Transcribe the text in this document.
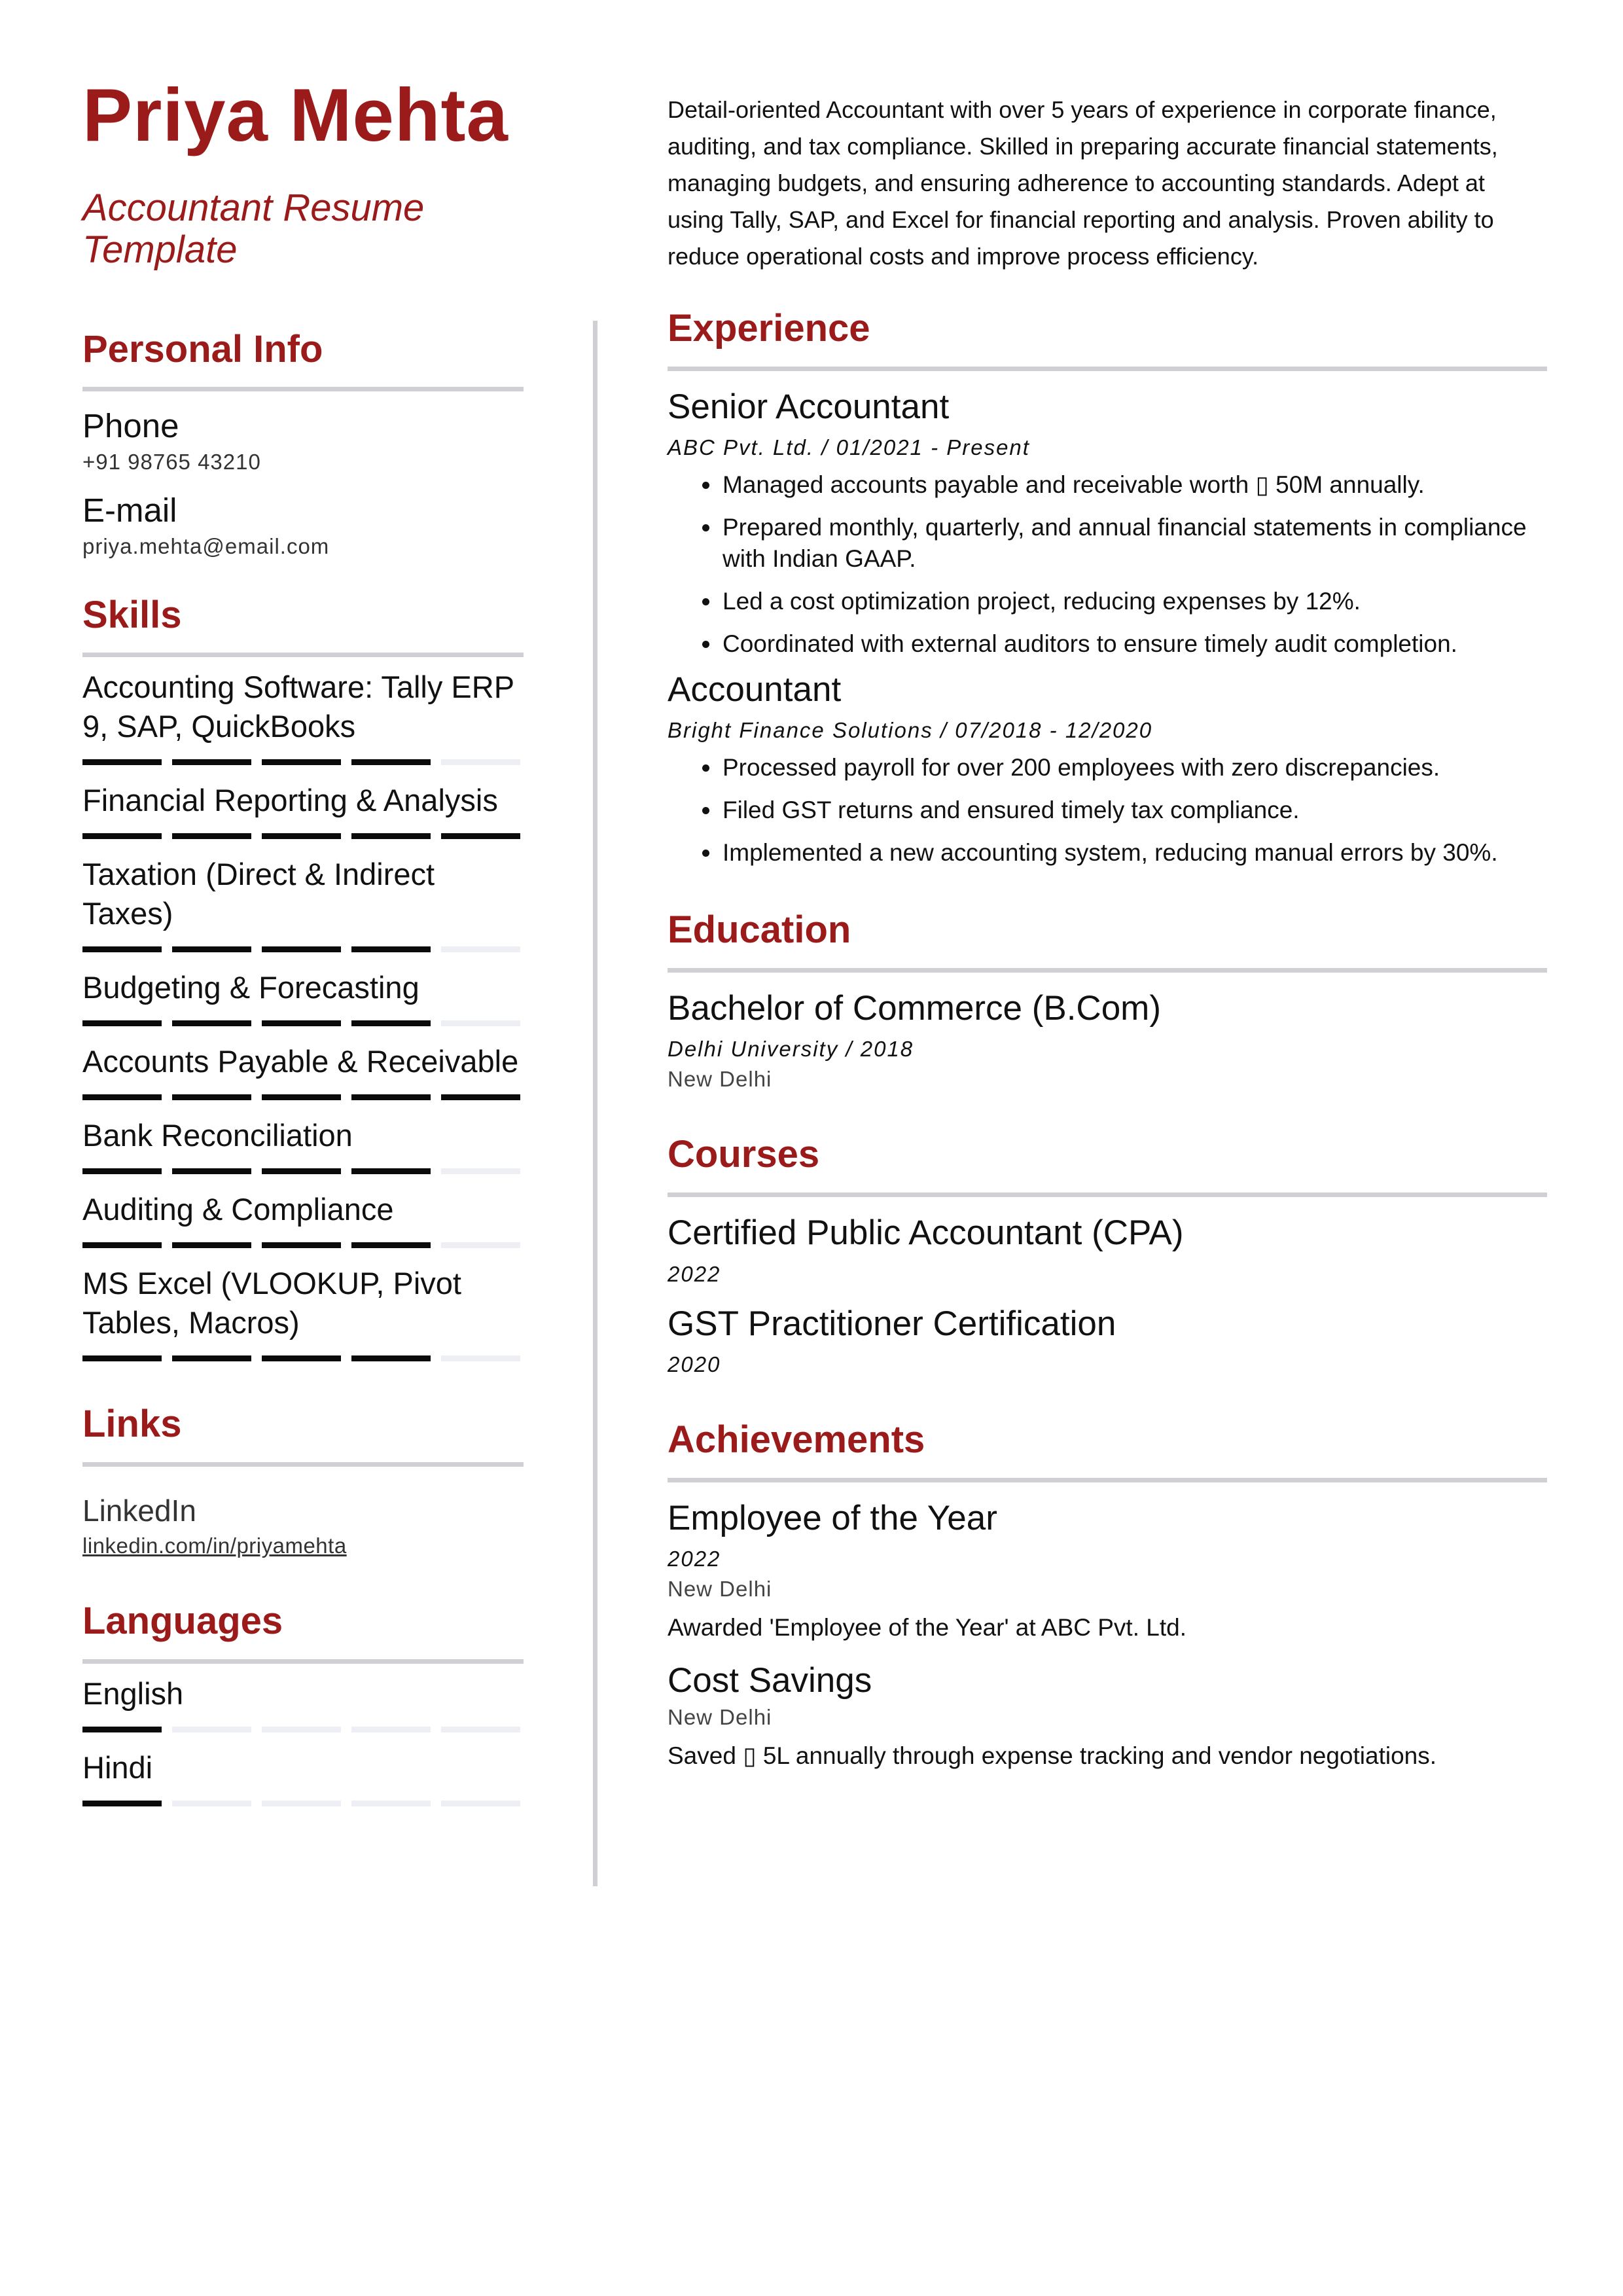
Priya Mehta
Accountant Resume Template
Personal Info
Phone
+91 98765 43210
E-mail
priya.mehta@email.com
Skills
Accounting Software: Tally ERP 9, SAP, QuickBooks
Financial Reporting & Analysis
Taxation (Direct & Indirect Taxes)
Budgeting & Forecasting
Accounts Payable & Receivable
Bank Reconciliation
Auditing & Compliance
MS Excel (VLOOKUP, Pivot Tables, Macros)
Links
LinkedIn
linkedin.com/in/priyamehta
Languages
English
Hindi
Detail-oriented Accountant with over 5 years of experience in corporate finance, auditing, and tax compliance. Skilled in preparing accurate financial statements, managing budgets, and ensuring adherence to accounting standards. Adept at using Tally, SAP, and Excel for financial reporting and analysis. Proven ability to reduce operational costs and improve process efficiency.
Experience
Senior Accountant
ABC Pvt. Ltd. / 01/2021 - Present
• Managed accounts payable and receivable worth ▯ 50M annually.
• Prepared monthly, quarterly, and annual financial statements in compliance with Indian GAAP.
• Led a cost optimization project, reducing expenses by 12%.
• Coordinated with external auditors to ensure timely audit completion.
Accountant
Bright Finance Solutions / 07/2018 - 12/2020
• Processed payroll for over 200 employees with zero discrepancies.
• Filed GST returns and ensured timely tax compliance.
• Implemented a new accounting system, reducing manual errors by 30%.
Education
Bachelor of Commerce (B.Com)
Delhi University / 2018
New Delhi
Courses
Certified Public Accountant (CPA)
2022
GST Practitioner Certification
2020
Achievements
Employee of the Year
2022
New Delhi
Awarded 'Employee of the Year' at ABC Pvt. Ltd.
Cost Savings
New Delhi
Saved ▯ 5L annually through expense tracking and vendor negotiations.
